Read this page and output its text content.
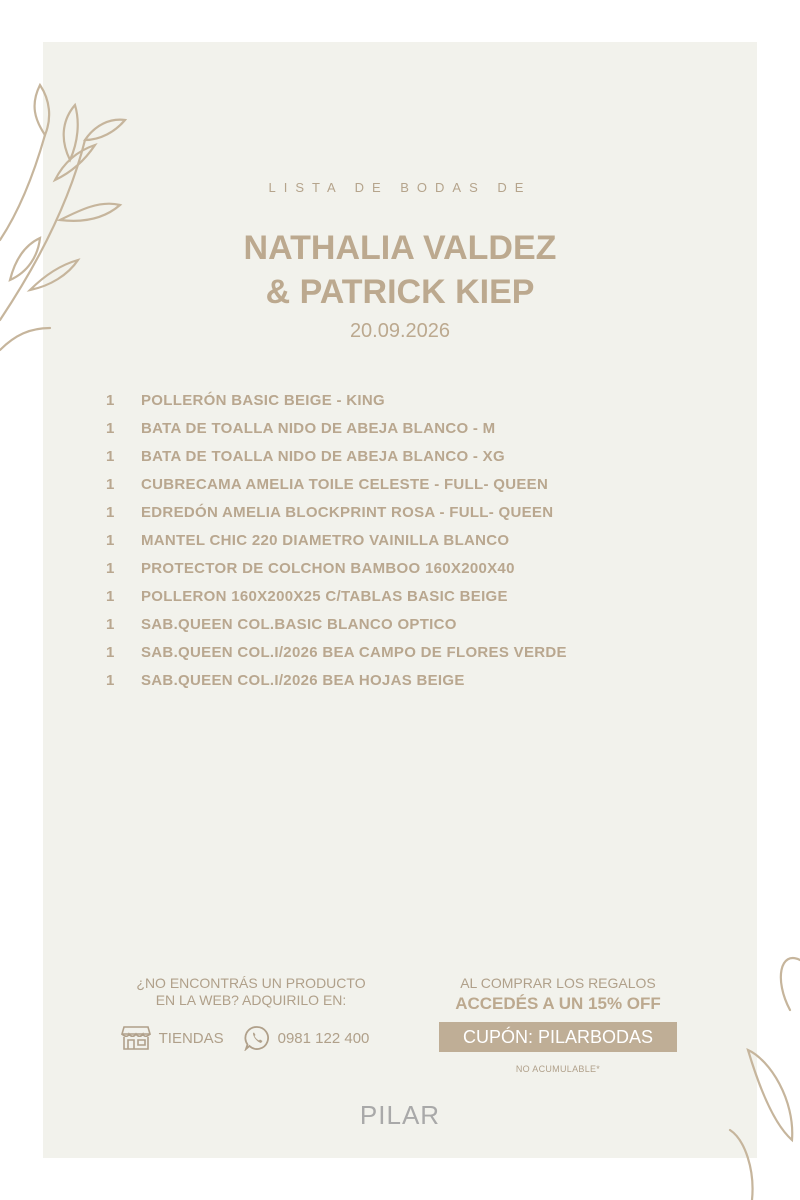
LISTA DE BODAS DE
NATHALIA VALDEZ
& PATRICK KIEP
20.09.2026
1 POLLERÓN BASIC BEIGE - KING
1 BATA DE TOALLA NIDO DE ABEJA BLANCO - M
1 BATA DE TOALLA NIDO DE ABEJA BLANCO - XG
1 CUBRECAMA AMELIA TOILE CELESTE - FULL- QUEEN
1 EDREDÓN AMELIA BLOCKPRINT ROSA - FULL- QUEEN
1 MANTEL CHIC 220 DIAMETRO VAINILLA BLANCO
1 PROTECTOR DE COLCHON BAMBOO 160X200X40
1 POLLERON 160X200X25 C/TABLAS BASIC BEIGE
1 SAB.QUEEN COL.BASIC BLANCO OPTICO
1 SAB.QUEEN COL.I/2026 BEA CAMPO DE FLORES VERDE
1 SAB.QUEEN COL.I/2026 BEA HOJAS BEIGE
¿NO ENCONTRÁS UN PRODUCTO
EN LA WEB? ADQUIRILO EN:
TIENDAS	0981 122 400
AL COMPRAR LOS REGALOS
ACCEDÉS A UN 15% OFF
CUPÓN: PILARBODAS
NO ACUMULABLE*
PILAR
